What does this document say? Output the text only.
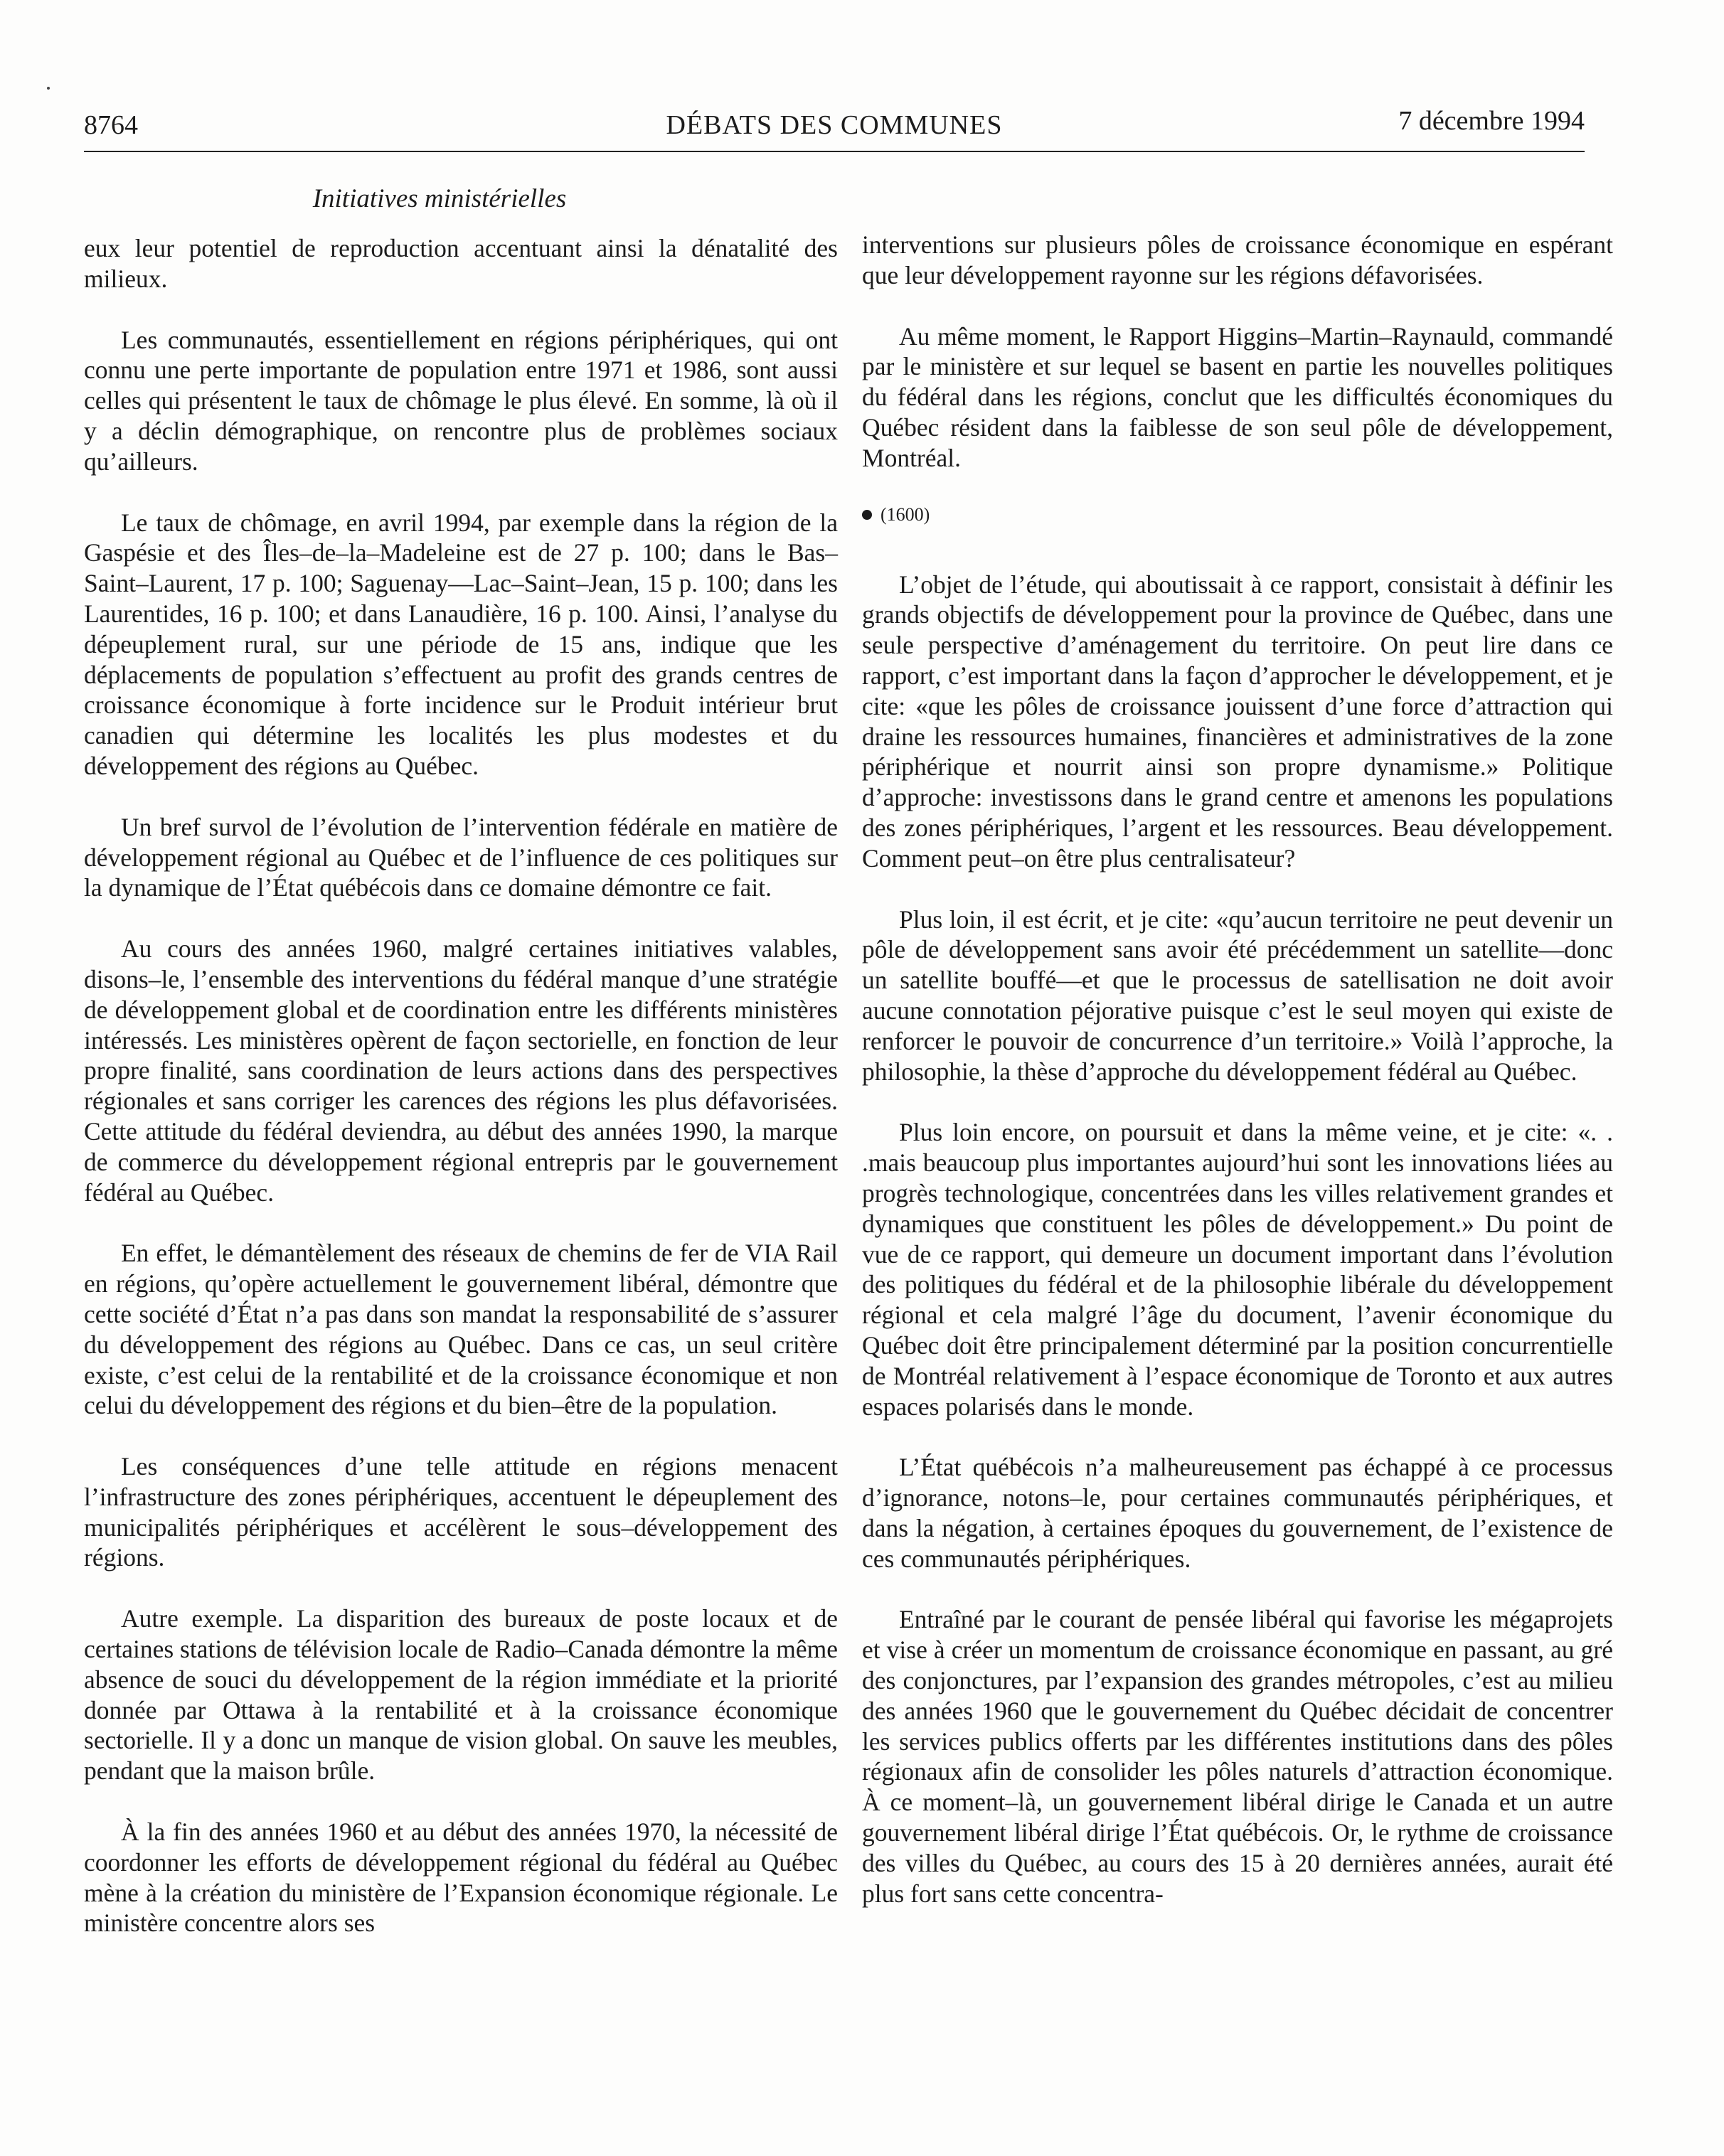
8764	DÉBATS DES COMMUNES	7 décembre 1994
Initiatives ministérielles

eux leur potentiel de reproduction accentuant ainsi la dénatalité des milieux.

Les communautés, essentiellement en régions périphériques, qui ont connu une perte importante de population entre 1971 et 1986, sont aussi celles qui présentent le taux de chômage le plus élevé. En somme, là où il y a déclin démographique, on rencontre plus de problèmes sociaux qu’ailleurs.

Le taux de chômage, en avril 1994, par exemple dans la région de la Gaspésie et des Îles–de–la–Madeleine est de 27 p. 100; dans le Bas–Saint–Laurent, 17 p. 100; Saguenay—Lac–Saint–Jean, 15 p. 100; dans les Laurentides, 16 p. 100; et dans Lanaudière, 16 p. 100. Ainsi, l’analyse du dépeuplement rural, sur une période de 15 ans, indique que les déplacements de population s’effectuent au profit des grands centres de croissance économique à forte incidence sur le Produit intérieur brut canadien qui détermine les localités les plus modestes et du développement des régions au Québec.

Un bref survol de l’évolution de l’intervention fédérale en matière de développement régional au Québec et de l’influence de ces politiques sur la dynamique de l’État québécois dans ce domaine démontre ce fait.

Au cours des années 1960, malgré certaines initiatives valables, disons–le, l’ensemble des interventions du fédéral manque d’une stratégie de développement global et de coordination entre les différents ministères intéressés. Les ministères opèrent de façon sectorielle, en fonction de leur propre finalité, sans coordination de leurs actions dans des perspectives régionales et sans corriger les carences des régions les plus défavorisées. Cette attitude du fédéral deviendra, au début des années 1990, la marque de commerce du développement régional entrepris par le gouvernement fédéral au Québec.

En effet, le démantèlement des réseaux de chemins de fer de VIA Rail en régions, qu’opère actuellement le gouvernement libéral, démontre que cette société d’État n’a pas dans son mandat la responsabilité de s’assurer du développement des régions au Québec. Dans ce cas, un seul critère existe, c’est celui de la rentabilité et de la croissance économique et non celui du développement des régions et du bien–être de la population.

Les conséquences d’une telle attitude en régions menacent l’infrastructure des zones périphériques, accentuent le dépeuplement des municipalités périphériques et accélèrent le sous–développement des régions.

Autre exemple. La disparition des bureaux de poste locaux et de certaines stations de télévision locale de Radio–Canada démontre la même absence de souci du développement de la région immédiate et la priorité donnée par Ottawa à la rentabilité et à la croissance économique sectorielle. Il y a donc un manque de vision global. On sauve les meubles, pendant que la maison brûle.

À la fin des années 1960 et au début des années 1970, la nécessité de coordonner les efforts de développement régional du fédéral au Québec mène à la création du ministère de l’Expansion économique régionale. Le ministère concentre alors ses

interventions sur plusieurs pôles de croissance économique en espérant que leur développement rayonne sur les régions défavorisées.

Au même moment, le Rapport Higgins–Martin–Raynauld, commandé par le ministère et sur lequel se basent en partie les nouvelles politiques du fédéral dans les régions, conclut que les difficultés économiques du Québec résident dans la faiblesse de son seul pôle de développement, Montréal.

(1600)

L’objet de l’étude, qui aboutissait à ce rapport, consistait à définir les grands objectifs de développement pour la province de Québec, dans une seule perspective d’aménagement du territoire. On peut lire dans ce rapport, c’est important dans la façon d’approcher le développement, et je cite: «que les pôles de croissance jouissent d’une force d’attraction qui draine les ressources humaines, financières et administratives de la zone périphérique et nourrit ainsi son propre dynamisme.» Politique d’approche: investissons dans le grand centre et amenons les populations des zones périphériques, l’argent et les ressources. Beau développement. Comment peut–on être plus centralisateur?

Plus loin, il est écrit, et je cite: «qu’aucun territoire ne peut devenir un pôle de développement sans avoir été précédemment un satellite—donc un satellite bouffé—et que le processus de satellisation ne doit avoir aucune connotation péjorative puisque c’est le seul moyen qui existe de renforcer le pouvoir de concurrence d’un territoire.» Voilà l’approche, la philosophie, la thèse d’approche du développement fédéral au Québec.

Plus loin encore, on poursuit et dans la même veine, et je cite: «. . .mais beaucoup plus importantes aujourd’hui sont les innovations liées au progrès technologique, concentrées dans les villes relativement grandes et dynamiques que constituent les pôles de développement.» Du point de vue de ce rapport, qui demeure un document important dans l’évolution des politiques du fédéral et de la philosophie libérale du développement régional et cela malgré l’âge du document, l’avenir économique du Québec doit être principalement déterminé par la position concurrentielle de Montréal relativement à l’espace économique de Toronto et aux autres espaces polarisés dans le monde.

L’État québécois n’a malheureusement pas échappé à ce processus d’ignorance, notons–le, pour certaines communautés périphériques, et dans la négation, à certaines époques du gouvernement, de l’existence de ces communautés périphériques.

Entraîné par le courant de pensée libéral qui favorise les mégaprojets et vise à créer un momentum de croissance économique en passant, au gré des conjonctures, par l’expansion des grandes métropoles, c’est au milieu des années 1960 que le gouvernement du Québec décidait de concentrer les services publics offerts par les différentes institutions dans des pôles régionaux afin de consolider les pôles naturels d’attraction économique. À ce moment–là, un gouvernement libéral dirige le Canada et un autre gouvernement libéral dirige l’État québécois. Or, le rythme de croissance des villes du Québec, au cours des 15 à 20 dernières années, aurait été plus fort sans cette concentra-
